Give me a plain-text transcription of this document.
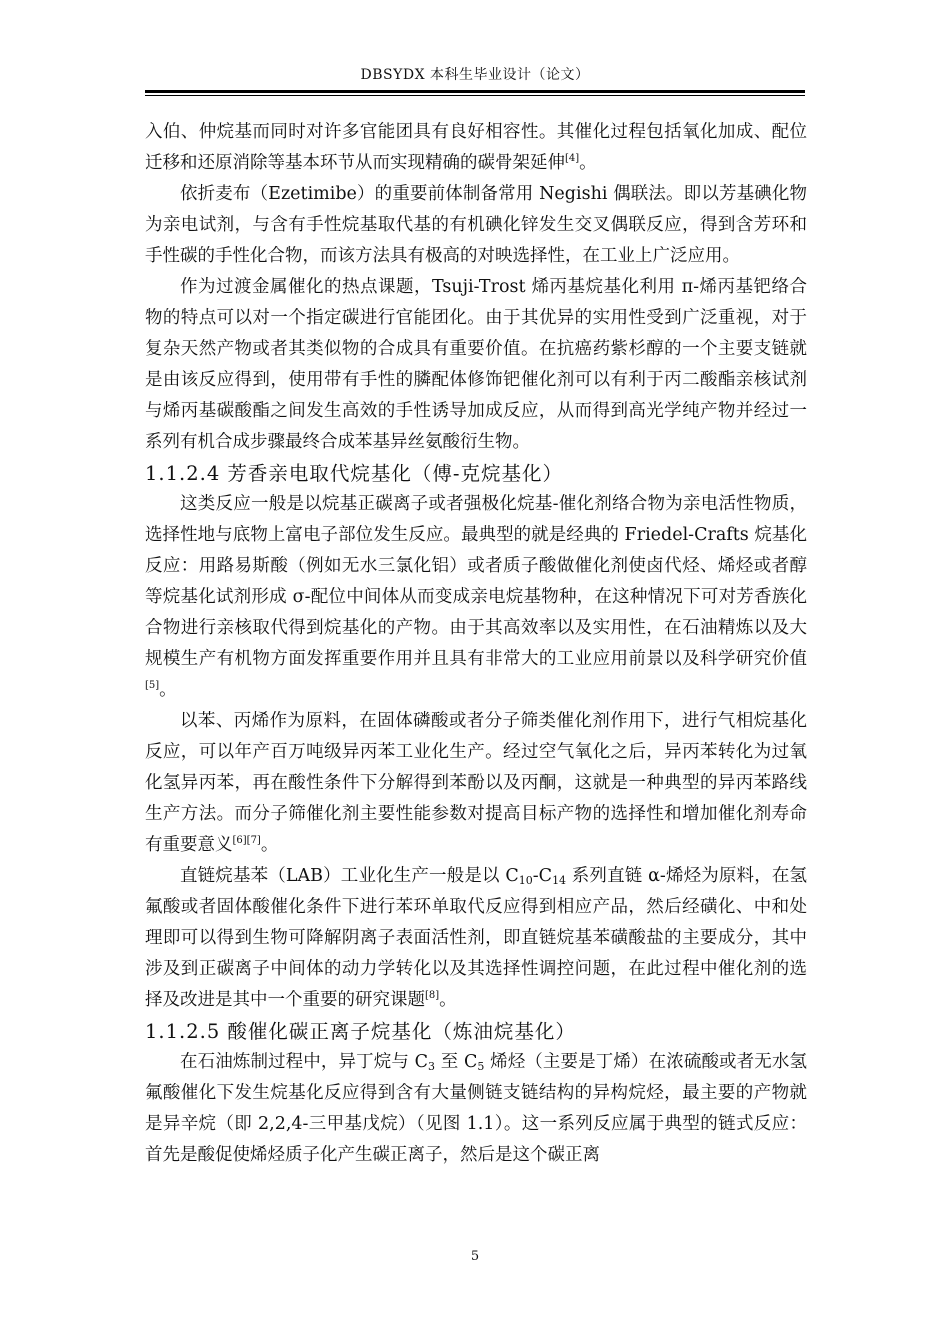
DBSYDX 本科生毕业设计（论文）

入伯、仲烷基而同时对许多官能团具有良好相容性。其催化过程包括氧化加成、配位迁移和还原消除等基本环节从而实现精确的碳骨架延伸[4]。

依折麦布（Ezetimibe）的重要前体制备常用 Negishi 偶联法。即以芳基碘化物为亲电试剂，与含有手性烷基取代基的有机碘化锌发生交叉偶联反应，得到含芳环和手性碳的手性化合物，而该方法具有极高的对映选择性，在工业上广泛应用。

作为过渡金属催化的热点课题，Tsuji-Trost 烯丙基烷基化利用 π-烯丙基钯络合物的特点可以对一个指定碳进行官能团化。由于其优异的实用性受到广泛重视，对于复杂天然产物或者其类似物的合成具有重要价值。在抗癌药紫杉醇的一个主要支链就是由该反应得到，使用带有手性的膦配体修饰钯催化剂可以有利于丙二酸酯亲核试剂与烯丙基碳酸酯之间发生高效的手性诱导加成反应，从而得到高光学纯产物并经过一系列有机合成步骤最终合成苯基异丝氨酸衍生物。

1.1.2.4 芳香亲电取代烷基化（傅-克烷基化）

这类反应一般是以烷基正碳离子或者强极化烷基-催化剂络合物为亲电活性物质，选择性地与底物上富电子部位发生反应。最典型的就是经典的 Friedel-Crafts 烷基化反应：用路易斯酸（例如无水三氯化铝）或者质子酸做催化剂使卤代烃、烯烃或者醇等烷基化试剂形成 σ-配位中间体从而变成亲电烷基物种，在这种情况下可对芳香族化合物进行亲核取代得到烷基化的产物。由于其高效率以及实用性，在石油精炼以及大规模生产有机物方面发挥重要作用并且具有非常大的工业应用前景以及科学研究价值[5]。

以苯、丙烯作为原料，在固体磷酸或者分子筛类催化剂作用下，进行气相烷基化反应，可以年产百万吨级异丙苯工业化生产。经过空气氧化之后，异丙苯转化为过氧化氢异丙苯，再在酸性条件下分解得到苯酚以及丙酮，这就是一种典型的异丙苯路线生产方法。而分子筛催化剂主要性能参数对提高目标产物的选择性和增加催化剂寿命有重要意义[6][7]。

直链烷基苯（LAB）工业化生产一般是以 $C_{10}-C_{14}$ 系列直链 α-烯烃为原料，在氢氟酸或者固体酸催化条件下进行苯环单取代反应得到相应产品，然后经磺化、中和处理即可以得到生物可降解阴离子表面活性剂，即直链烷基苯磺酸盐的主要成分，其中涉及到正碳离子中间体的动力学转化以及其选择性调控问题，在此过程中催化剂的选择及改进是其中一个重要的研究课题[8]。

1.1.2.5 酸催化碳正离子烷基化（炼油烷基化）

在石油炼制过程中，异丁烷与 $C_3$ 至 $C_5$ 烯烃（主要是丁烯）在浓硫酸或者无水氢氟酸催化下发生烷基化反应得到含有大量侧链支链结构的异构烷烃，最主要的产物就是异辛烷（即 2,2,4-三甲基戊烷）（见图 1.1）。这一系列反应属于典型的链式反应：首先是酸促使烯烃质子化产生碳正离子，然后是这个碳正离

5
